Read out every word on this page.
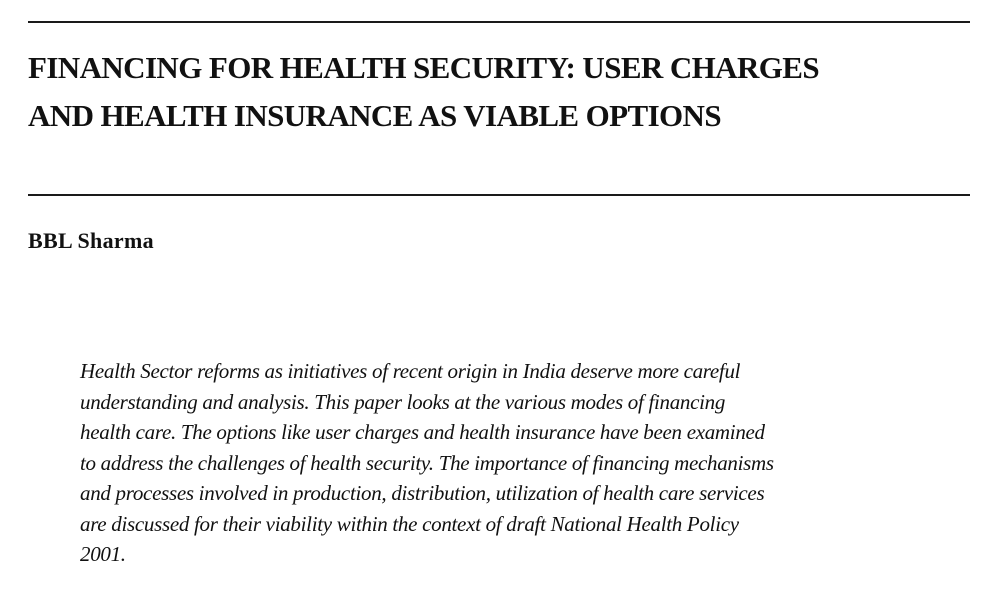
FINANCING FOR HEALTH SECURITY: USER CHARGES
AND HEALTH INSURANCE AS VIABLE OPTIONS

BBL Sharma

Health Sector reforms as initiatives of recent origin in India deserve more careful
understanding and analysis. This paper looks at the various modes of financing
health care. The options like user charges and health insurance have been examined
to address the challenges of health security. The importance of financing mechanisms
and processes involved in production, distribution, utilization of health care services
are discussed for their viability within the context of draft National Health Policy
2001.
